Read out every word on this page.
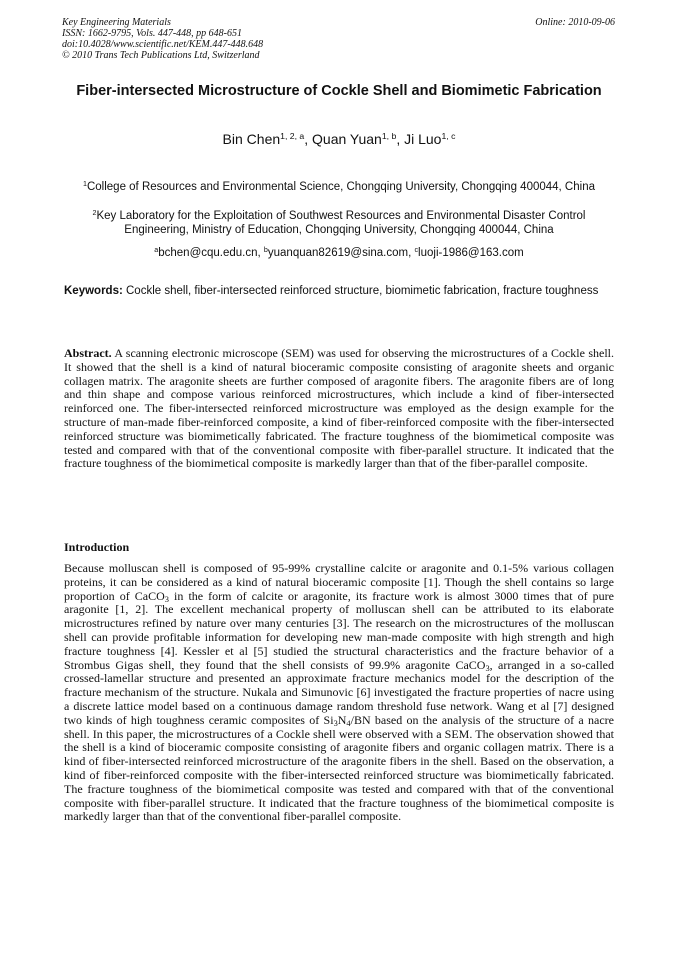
Key Engineering Materials
ISSN: 1662-9795, Vols. 447-448, pp 648-651
doi:10.4028/www.scientific.net/KEM.447-448.648
© 2010 Trans Tech Publications Ltd, Switzerland
Online: 2010-09-06
Fiber-intersected Microstructure of Cockle Shell and Biomimetic Fabrication
Bin Chen$^{1, 2, a}$, Quan Yuan$^{1, b}$, Ji Luo$^{1, c}$
$^1$College of Resources and Environmental Science, Chongqing University, Chongqing 400044, China
$^2$Key Laboratory for the Exploitation of Southwest Resources and Environmental Disaster Control Engineering, Ministry of Education, Chongqing University, Chongqing 400044, China
$^a$bchen@cqu.edu.cn, $^b$yuanquan82619@sina.com, $^c$luoji-1986@163.com
Keywords: Cockle shell, fiber-intersected reinforced structure, biomimetic fabrication, fracture toughness
Abstract. A scanning electronic microscope (SEM) was used for observing the microstructures of a Cockle shell. It showed that the shell is a kind of natural bioceramic composite consisting of aragonite sheets and organic collagen matrix. The aragonite sheets are further composed of aragonite fibers. The aragonite fibers are of long and thin shape and compose various reinforced microstructures, which include a kind of fiber-intersected reinforced one. The fiber-intersected reinforced microstructure was employed as the design example for the structure of man-made fiber-reinforced composite, a kind of fiber-reinforced composite with the fiber-intersected reinforced structure was biomimetically fabricated. The fracture toughness of the biomimetical composite was tested and compared with that of the conventional composite with fiber-parallel structure. It indicated that the fracture toughness of the biomimetical composite is markedly larger than that of the fiber-parallel composite.
Introduction
Because molluscan shell is composed of 95-99% crystalline calcite or aragonite and 0.1-5% various collagen proteins, it can be considered as a kind of natural bioceramic composite [1]. Though the shell contains so large proportion of CaCO$_3$ in the form of calcite or aragonite, its fracture work is almost 3000 times that of pure aragonite [1, 2]. The excellent mechanical property of molluscan shell can be attributed to its elaborate microstructures refined by nature over many centuries [3]. The research on the microstructures of the molluscan shell can provide profitable information for developing new man-made composite with high strength and high fracture toughness [4]. Kessler et al [5] studied the structural characteristics and the fracture behavior of a Strombus Gigas shell, they found that the shell consists of 99.9% aragonite CaCO$_3$, arranged in a so-called crossed-lamellar structure and presented an approximate fracture mechanics model for the description of the fracture mechanism of the structure. Nukala and Simunovic [6] investigated the fracture properties of nacre using a discrete lattice model based on a continuous damage random threshold fuse network. Wang et al [7] designed two kinds of high toughness ceramic composites of $Si_3N_4/BN$ based on the analysis of the structure of a nacre shell. In this paper, the microstructures of a Cockle shell were observed with a SEM. The observation showed that the shell is a kind of bioceramic composite consisting of aragonite fibers and organic collagen matrix. There is a kind of fiber-intersected reinforced microstructure of the aragonite fibers in the shell. Based on the observation, a kind of fiber-reinforced composite with the fiber-intersected reinforced structure was biomimetically fabricated. The fracture toughness of the biomimetical composite was tested and compared with that of the conventional composite with fiber-parallel structure. It indicated that the fracture toughness of the biomimetical composite is markedly larger than that of the conventional fiber-parallel composite.
